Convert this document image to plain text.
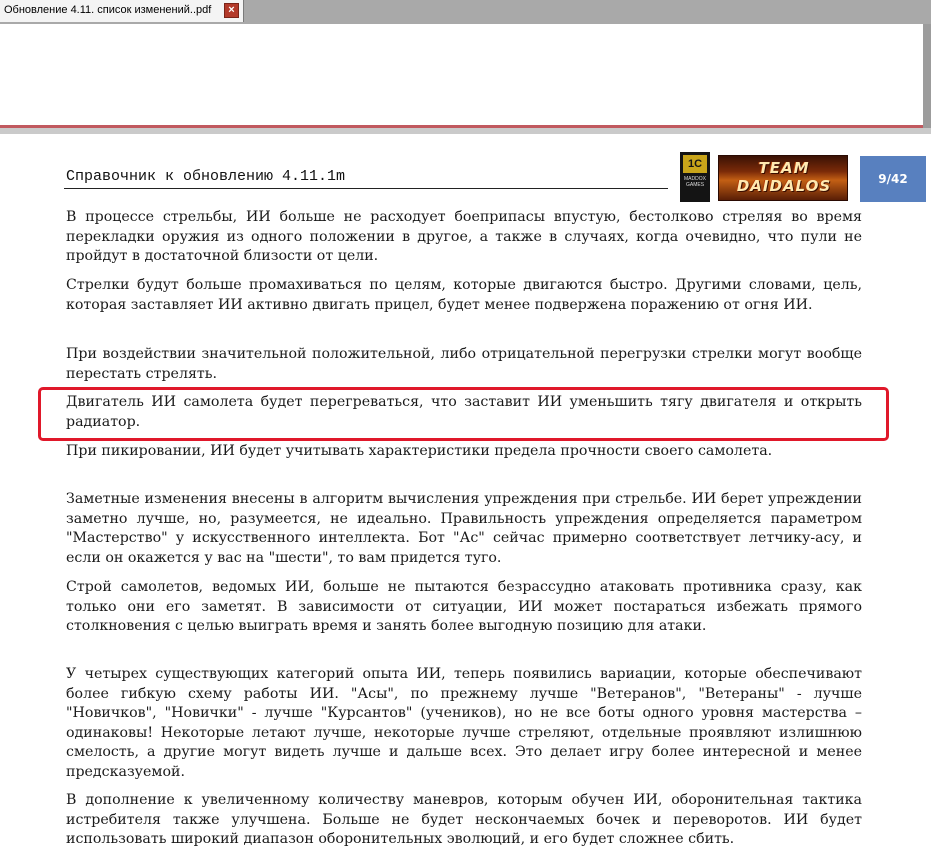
Обновление 4.11. список изменений..pdf	×
Справочник к обновлению 4.11.1m
1C
MADDOX GAMES
TEAM DAIDALOS	9/42

В процессе стрельбы, ИИ больше не расходует боеприпасы впустую, бестолково стреляя во время перекладки оружия из одного положении в другое, а также в случаях, когда очевидно, что пули не пройдут в достаточной близости от цели.

Стрелки будут больше промахиваться по целям, которые двигаются быстро. Другими словами, цель, которая заставляет ИИ активно двигать прицел, будет менее подвержена поражению от огня ИИ.

При воздействии значительной положительной, либо отрицательной перегрузки стрелки могут вообще перестать стрелять.

Двигатель ИИ самолета будет перегреваться, что заставит ИИ уменьшить тягу двигателя и открыть радиатор.

При пикировании, ИИ будет учитывать характеристики предела прочности своего самолета.

Заметные изменения внесены в алгоритм вычисления упреждения при стрельбе. ИИ берет упреждении заметно лучше, но, разумеется, не идеально. Правильность упреждения определяется параметром "Мастерство" у искусственного интеллекта. Бот "Ас" сейчас примерно соответствует летчику-асу, и если он окажется у вас на "шести", то вам придется туго.

Строй самолетов, ведомых ИИ, больше не пытаются безрассудно атаковать противника сразу, как только они его заметят. В зависимости от ситуации, ИИ может постараться избежать прямого столкновения с целью выиграть время и занять более выгодную позицию для атаки.

У четырех существующих категорий опыта ИИ, теперь появились вариации, которые обеспечивают более гибкую схему работы ИИ. "Асы", по прежнему лучше "Ветеранов", "Ветераны" - лучше "Новичков", "Новички" - лучше "Курсантов" (учеников), но не все боты одного уровня мастерства – одинаковы! Некоторые летают лучше, некоторые лучше стреляют, отдельные проявляют излишнюю смелость, а другие могут видеть лучше и дальше всех. Это делает игру более интересной и менее предсказуемой.

В дополнение к увеличенному количеству маневров, которым обучен ИИ, оборонительная тактика истребителя также улучшена. Больше не будет нескончаемых бочек и переворотов. ИИ будет использовать широкий диапазон оборонительных эволюций, и его будет сложнее сбить.
